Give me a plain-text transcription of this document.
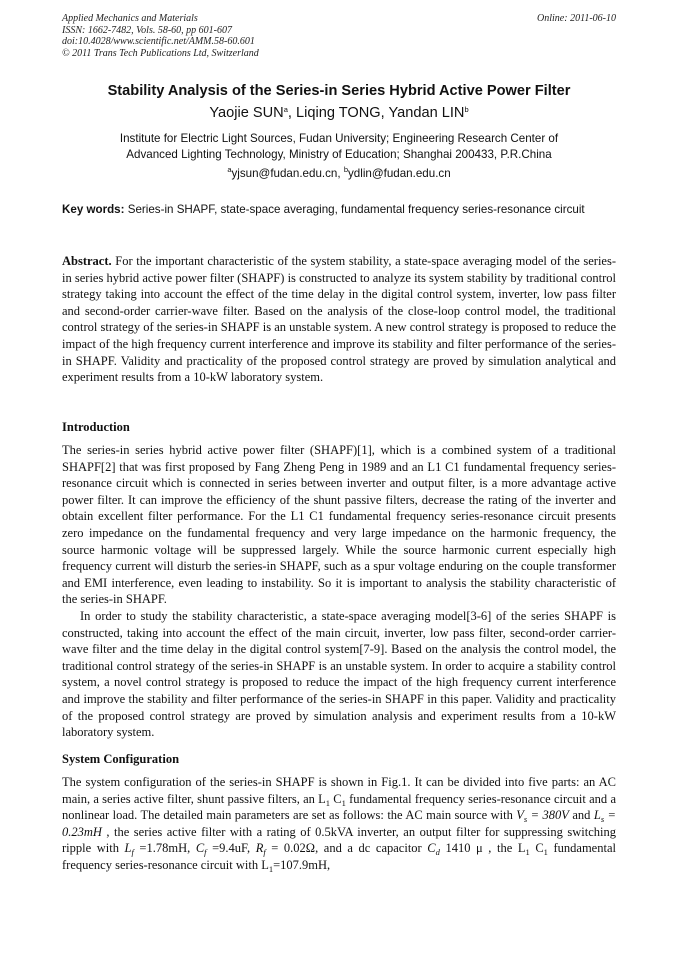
Applied Mechanics and Materials
ISSN: 1662-7482, Vols. 58-60, pp 601-607
doi:10.4028/www.scientific.net/AMM.58-60.601
© 2011 Trans Tech Publications Ltd, Switzerland
Online: 2011-06-10
Stability Analysis of the Series-in Series Hybrid Active Power Filter
Yaojie SUN$^a$, Liqing TONG, Yandan LIN$^b$
Institute for Electric Light Sources, Fudan University; Engineering Research Center of
Advanced Lighting Technology, Ministry of Education; Shanghai 200433, P.R.China
$^a$yjsun@fudan.edu.cn, $^b$ydlin@fudan.edu.cn
Key words: Series-in SHAPF, state-space averaging, fundamental frequency series-resonance circuit

Abstract. For the important characteristic of the system stability, a state-space averaging model of the series-in series hybrid active power filter (SHAPF) is constructed to analyze its system stability by traditional control strategy taking into account the effect of the time delay in the digital control system, inverter, low pass filter and second-order carrier-wave filter. Based on the analysis of the close-loop control model, the traditional control strategy of the series-in SHAPF is an unstable system. A new control strategy is proposed to reduce the impact of the high frequency current interference and improve its stability and filter performance of the series-in SHAPF. Validity and practicality of the proposed control strategy are proved by simulation analytical and experiment results from a 10-kW laboratory system.

Introduction

The series-in series hybrid active power filter (SHAPF)[1], which is a combined system of a traditional SHAPF[2] that was first proposed by Fang Zheng Peng in 1989 and an L1 C1 fundamental frequency series-resonance circuit which is connected in series between inverter and output filter, is a more advantage active power filter. It can improve the efficiency of the shunt passive filters, decrease the rating of the inverter and obtain excellent filter performance. For the L1 C1 fundamental frequency series-resonance circuit presents zero impedance on the fundamental frequency and very large impedance on the harmonic frequency, the source harmonic voltage will be suppressed largely. While the source harmonic current especially high frequency current will disturb the series-in SHAPF, such as a spur voltage enduring on the couple transformer and EMI interference, even leading to instability. So it is important to analysis the stability characteristic of the series-in SHAPF.

In order to study the stability characteristic, a state-space averaging model[3-6] of the series SHAPF is constructed, taking into account the effect of the main circuit, inverter, low pass filter, second-order carrier-wave filter and the time delay in the digital control system[7-9]. Based on the analysis the control model, the traditional control strategy of the series-in SHAPF is an unstable system. In order to acquire a stability control system, a novel control strategy is proposed to reduce the impact of the high frequency current interference and improve the stability and filter performance of the series-in SHAPF in this paper. Validity and practicality of the proposed control strategy are proved by simulation analysis and experiment results from a 10-kW laboratory system.

System Configuration

The system configuration of the series-in SHAPF is shown in Fig.1. It can be divided into five parts: an AC main, a series active filter, shunt passive filters, an $L_1$ $C_1$ fundamental frequency series-resonance circuit and a nonlinear load. The detailed main parameters are set as follows: the AC main source with $V_s = 380V$ and $L_s = 0.23mH$ , the series active filter with a rating of 0.5kVA inverter, an output filter for suppressing switching ripple with $L_f =1.78mH$, $C_f =9.4uF$, $R_f = 0.02\Omega$, and a dc capacitor $C_d$ 1410 μ , the $L_1$ $C_1$ fundamental frequency series-resonance circuit with $L_1=107.9mH$,
